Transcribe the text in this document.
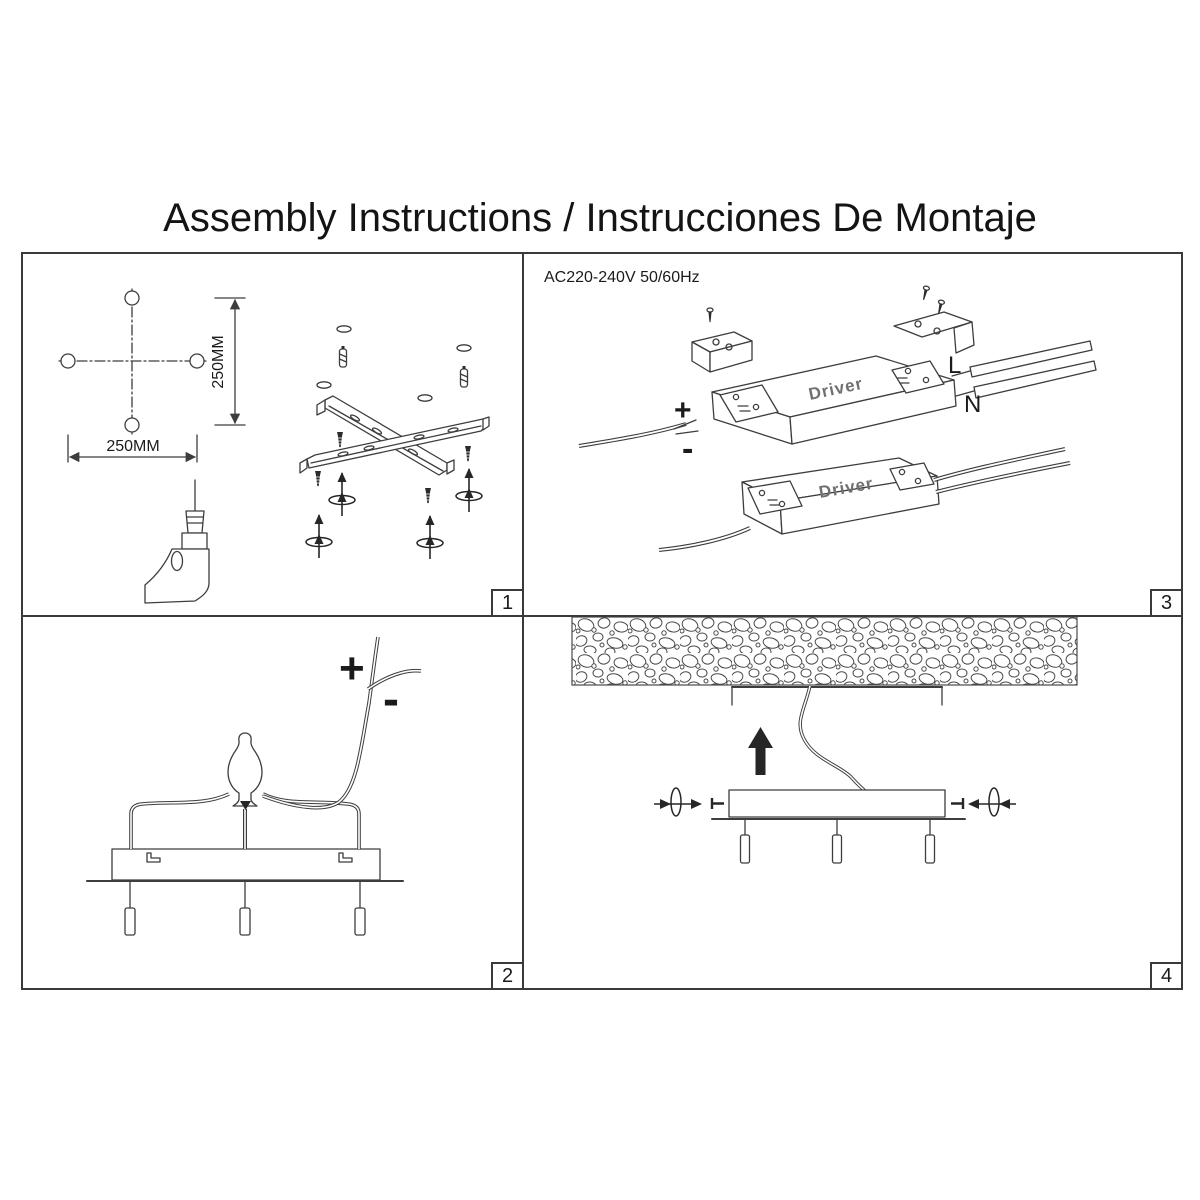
Assembly Instructions / Instrucciones De Montaje
250MM
250MM
1
AC220-240V 50/60Hz
+
-
Driver
L
N
Driver
3
+
-
2	4
